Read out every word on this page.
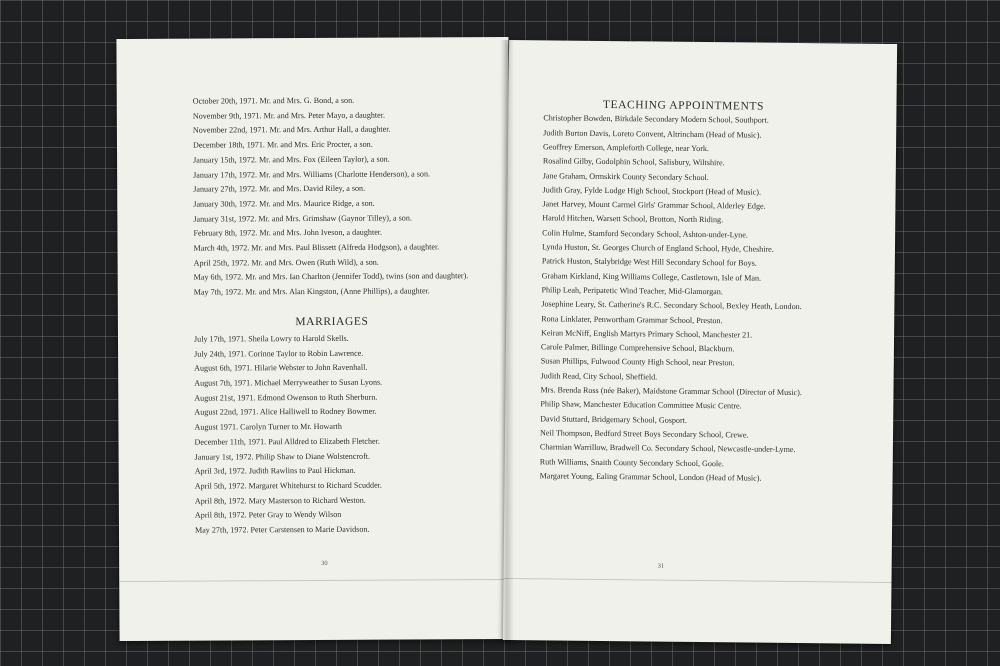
October 20th, 1971. Mr. and Mrs. G. Bond, a son.
November 9th, 1971. Mr. and Mrs. Peter Mayo, a daughter.
November 22nd, 1971. Mr. and Mrs. Arthur Hall, a daughter.
December 18th, 1971. Mr. and Mrs. Eric Procter, a son.
January 15th, 1972. Mr. and Mrs. Fox (Eileen Taylor), a son.
January 17th, 1972. Mr. and Mrs. Williams (Charlotte Henderson), a son.
January 27th, 1972. Mr. and Mrs. David Riley, a son.
January 30th, 1972. Mr. and Mrs. Maurice Ridge, a son.
January 31st, 1972. Mr. and Mrs. Grimshaw (Gaynor Tilley), a son.
February 8th, 1972. Mr. and Mrs. John Iveson, a daughter.
March 4th, 1972. Mr. and Mrs. Paul Blissett (Alfreda Hodgson), a daughter.
April 25th, 1972. Mr. and Mrs. Owen (Ruth Wild), a son.
May 6th, 1972. Mr. and Mrs. Ian Charlton (Jennifer Todd), twins (son and daughter).
May 7th, 1972. Mr. and Mrs. Alan Kingston, (Anne Phillips), a daughter.
MARRIAGES
July 17th, 1971. Sheila Lowry to Harold Skells.
July 24th, 1971. Corinne Taylor to Robin Lawrence.
August 6th, 1971. Hilarie Webster to John Ravenhall.
August 7th, 1971. Michael Merryweather to Susan Lyons.
August 21st, 1971. Edmond Owenson to Ruth Sherburn.
August 22nd, 1971. Alice Halliwell to Rodney Bowmer.
August 1971. Carolyn Turner to Mr. Howarth
December 11th, 1971. Paul Alldred to Elizabeth Fletcher.
January 1st, 1972. Philip Shaw to Diane Wolstencroft.
April 3rd, 1972. Judith Rawlins to Paul Hickman.
April 5th, 1972. Margaret Whitehurst to Richard Scudder.
April 8th, 1972. Mary Masterson to Richard Weston.
April 8th, 1972. Peter Gray to Wendy Wilson
May 27th, 1972. Peter Carstensen to Marie Davidson.
30
TEACHING APPOINTMENTS
Christopher Bowden, Birkdale Secondary Modern School, Southport.
Judith Burton Davis, Loreto Convent, Altrincham (Head of Music).
Geoffrey Emerson, Ampleforth College, near York.
Rosalind Gilby, Godolphin School, Salisbury, Wiltshire.
Jane Graham, Ormskirk County Secondary School.
Judith Gray, Fylde Lodge High School, Stockport (Head of Music).
Janet Harvey, Mount Carmel Girls' Grammar School, Alderley Edge.
Harold Hitchen, Warsett School, Brotton, North Riding.
Colin Hulme, Stamford Secondary School, Ashton-under-Lyne.
Lynda Huston, St. Georges Church of England School, Hyde, Cheshire.
Patrick Huston, Stalybridge West Hill Secondary School for Boys.
Graham Kirkland, King Williams College, Castletown, Isle of Man.
Philip Leah, Peripatetic Wind Teacher, Mid-Glamorgan.
Josephine Leary, St. Catherine's R.C. Secondary School, Bexley Heath, London.
Rona Linklater, Penwortham Grammar School, Preston.
Keiran McNiff, English Martyrs Primary School, Manchester 21.
Carole Palmer, Billinge Comprehensive School, Blackburn.
Susan Phillips, Fulwood County High School, near Preston.
Judith Read, City School, Sheffield.
Mrs. Brenda Ross (née Baker), Maidstone Grammar School (Director of Music).
Philip Shaw, Manchester Education Committee Music Centre.
David Stuttard, Bridgemary School, Gosport.
Neil Thompson, Bedford Street Boys Secondary School, Crewe.
Charmian Warrillow, Bradwell Co. Secondary School, Newcastle-under-Lyme.
Ruth Williams, Snaith County Secondary School, Goole.
Margaret Young, Ealing Grammar School, London (Head of Music).
31
